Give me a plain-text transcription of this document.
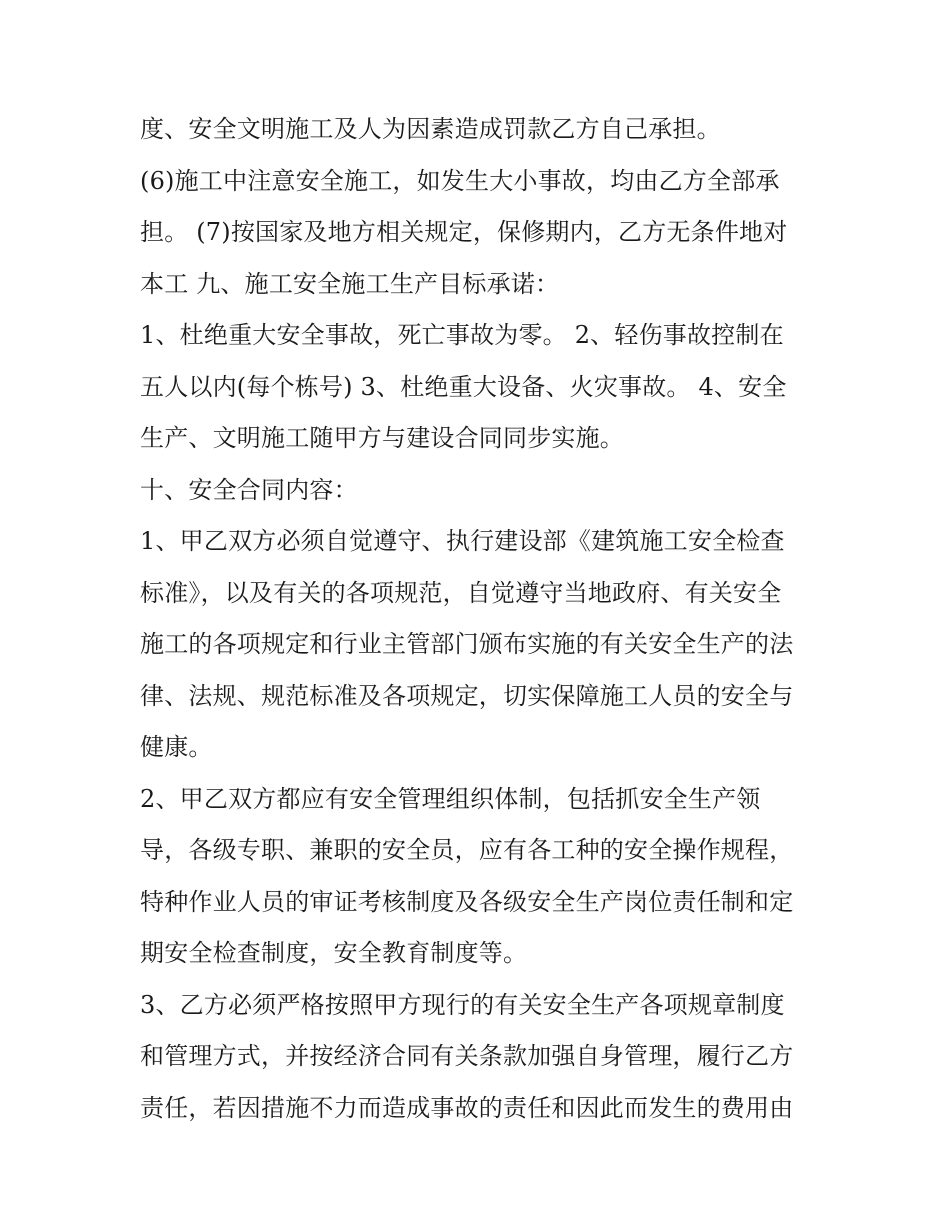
度、安全文明施工及人为因素造成罚款乙方自己承担。
(6)施工中注意安全施工，如发生大小事故，均由乙方全部承
担。 (7)按国家及地方相关规定，保修期内，乙方无条件地对
本工 九、施工安全施工生产目标承诺：
1、杜绝重大安全事故，死亡事故为零。 2、轻伤事故控制在
五人以内(每个栋号) 3、杜绝重大设备、火灾事故。 4、安全
生产、文明施工随甲方与建设合同同步实施。
十、安全合同内容：
1、甲乙双方必须自觉遵守、执行建设部《建筑施工安全检查
标准》，以及有关的各项规范，自觉遵守当地政府、有关安全
施工的各项规定和行业主管部门颁布实施的有关安全生产的法
律、法规、规范标准及各项规定，切实保障施工人员的安全与
健康。
2、甲乙双方都应有安全管理组织体制，包括抓安全生产领
导，各级专职、兼职的安全员，应有各工种的安全操作规程，
特种作业人员的审证考核制度及各级安全生产岗位责任制和定
期安全检查制度，安全教育制度等。
3、乙方必须严格按照甲方现行的有关安全生产各项规章制度
和管理方式，并按经济合同有关条款加强自身管理，履行乙方
责任，若因措施不力而造成事故的责任和因此而发生的费用由
